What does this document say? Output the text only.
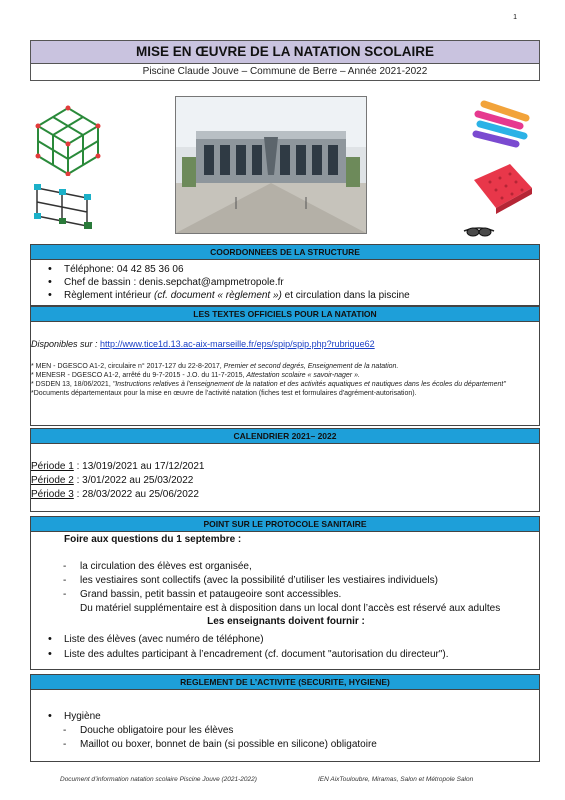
1
MISE EN ŒUVRE DE LA NATATION SCOLAIRE
Piscine Claude Jouve – Commune de Berre – Année 2021-2022
COORDONNEES DE LA STRUCTURE
• Téléphone: 04 42 85 36 06
• Chef de bassin : denis.sepchat@ampmetropole.fr
• Règlement intérieur (cf. document « règlement ») et circulation dans la piscine
LES TEXTES OFFICIELS POUR LA NATATION
Disponibles sur : http://www.tice1d.13.ac-aix-marseille.fr/eps/spip/spip.php?rubrique62
* MEN - DGESCO A1-2, circulaire n° 2017-127 du 22-8-2017, Premier et second degrés, Enseignement de la natation.
* MENESR - DGESCO A1-2, arrêté du 9-7-2015 - J.O. du 11-7-2015, Attestation scolaire « savoir-nager ».
* DSDEN 13, 18/06/2021, "Instructions relatives à l'enseignement de la natation et des activités aquatiques et nautiques dans les écoles du département"
*Documents départementaux pour la mise en œuvre de l'activité natation (fiches test et formulaires d'agrément-autorisation).
CALENDRIER 2021– 2022
Période 1 : 13/019/2021 au 17/12/2021
Période 2 : 3/01/2022 au 25/03/2022
Période 3 : 28/03/2022 au 25/06/2022
POINT SUR LE PROTOCOLE SANITAIRE
Foire aux questions du 1 septembre :
- la circulation des élèves est organisée,
- les vestiaires sont collectifs (avec la possibilité d’utiliser les vestiaires individuels)
- Grand bassin, petit bassin et pataugeoire sont accessibles.
Du matériel supplémentaire est à disposition dans un local dont l’accès est réservé aux adultes
Les enseignants doivent fournir :
• Liste des élèves (avec numéro de téléphone)
• Liste des adultes participant à l’encadrement (cf. document "autorisation du directeur").
REGLEMENT DE L’ACTIVITE (SECURITE, HYGIENE)
• Hygiène
- Douche obligatoire pour les élèves
- Maillot ou boxer, bonnet de bain (si possible en silicone) obligatoire
Document d’information natation scolaire Piscine Jouve (2021-2022)	IEN AixTouloubre, Miramas, Salon et Métropole Salon
